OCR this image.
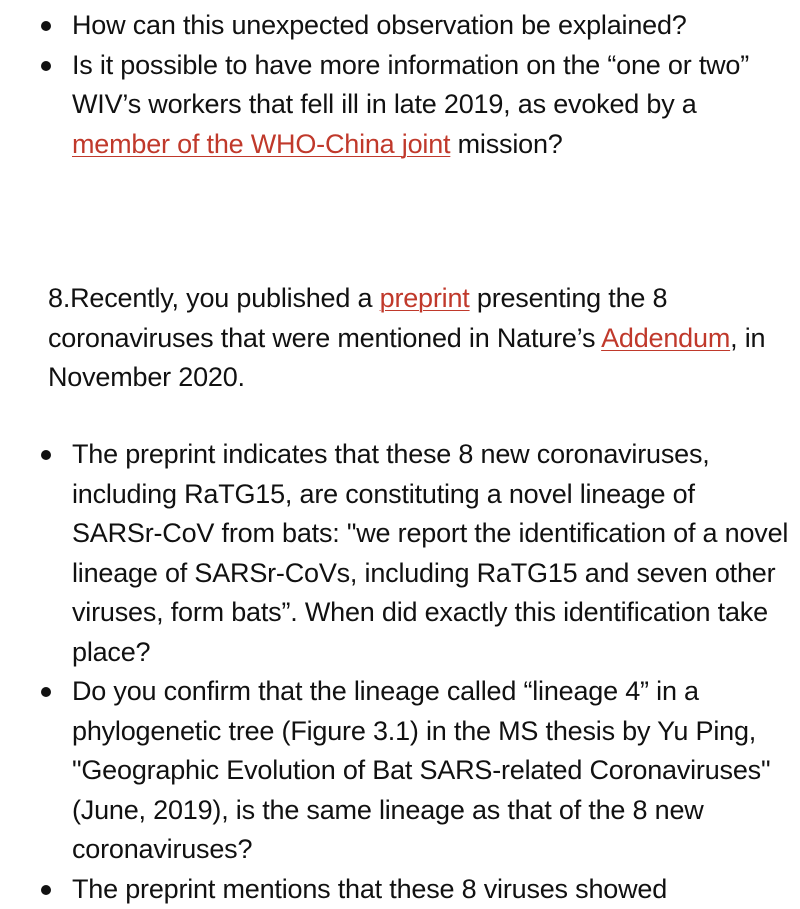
How can this unexpected observation be explained?
Is it possible to have more information on the “one or two” WIV’s workers that fell ill in late 2019, as evoked by a member of the WHO-China joint mission?

8.Recently, you published a preprint presenting the 8 coronaviruses that were mentioned in Nature’s Addendum, in November 2020.

The preprint indicates that these 8 new coronaviruses, including RaTG15, are constituting a novel lineage of SARSr-CoV from bats: "we report the identification of a novel lineage of SARSr-CoVs, including RaTG15 and seven other viruses, form bats”. When did exactly this identification take place?
Do you confirm that the lineage called “lineage 4” in a phylogenetic tree (Figure 3.1) in the MS thesis by Yu Ping, "Geographic Evolution of Bat SARS-related Coronaviruses" (June, 2019), is the same lineage as that of the 8 new coronaviruses?
The preprint mentions that these 8 viruses showed
